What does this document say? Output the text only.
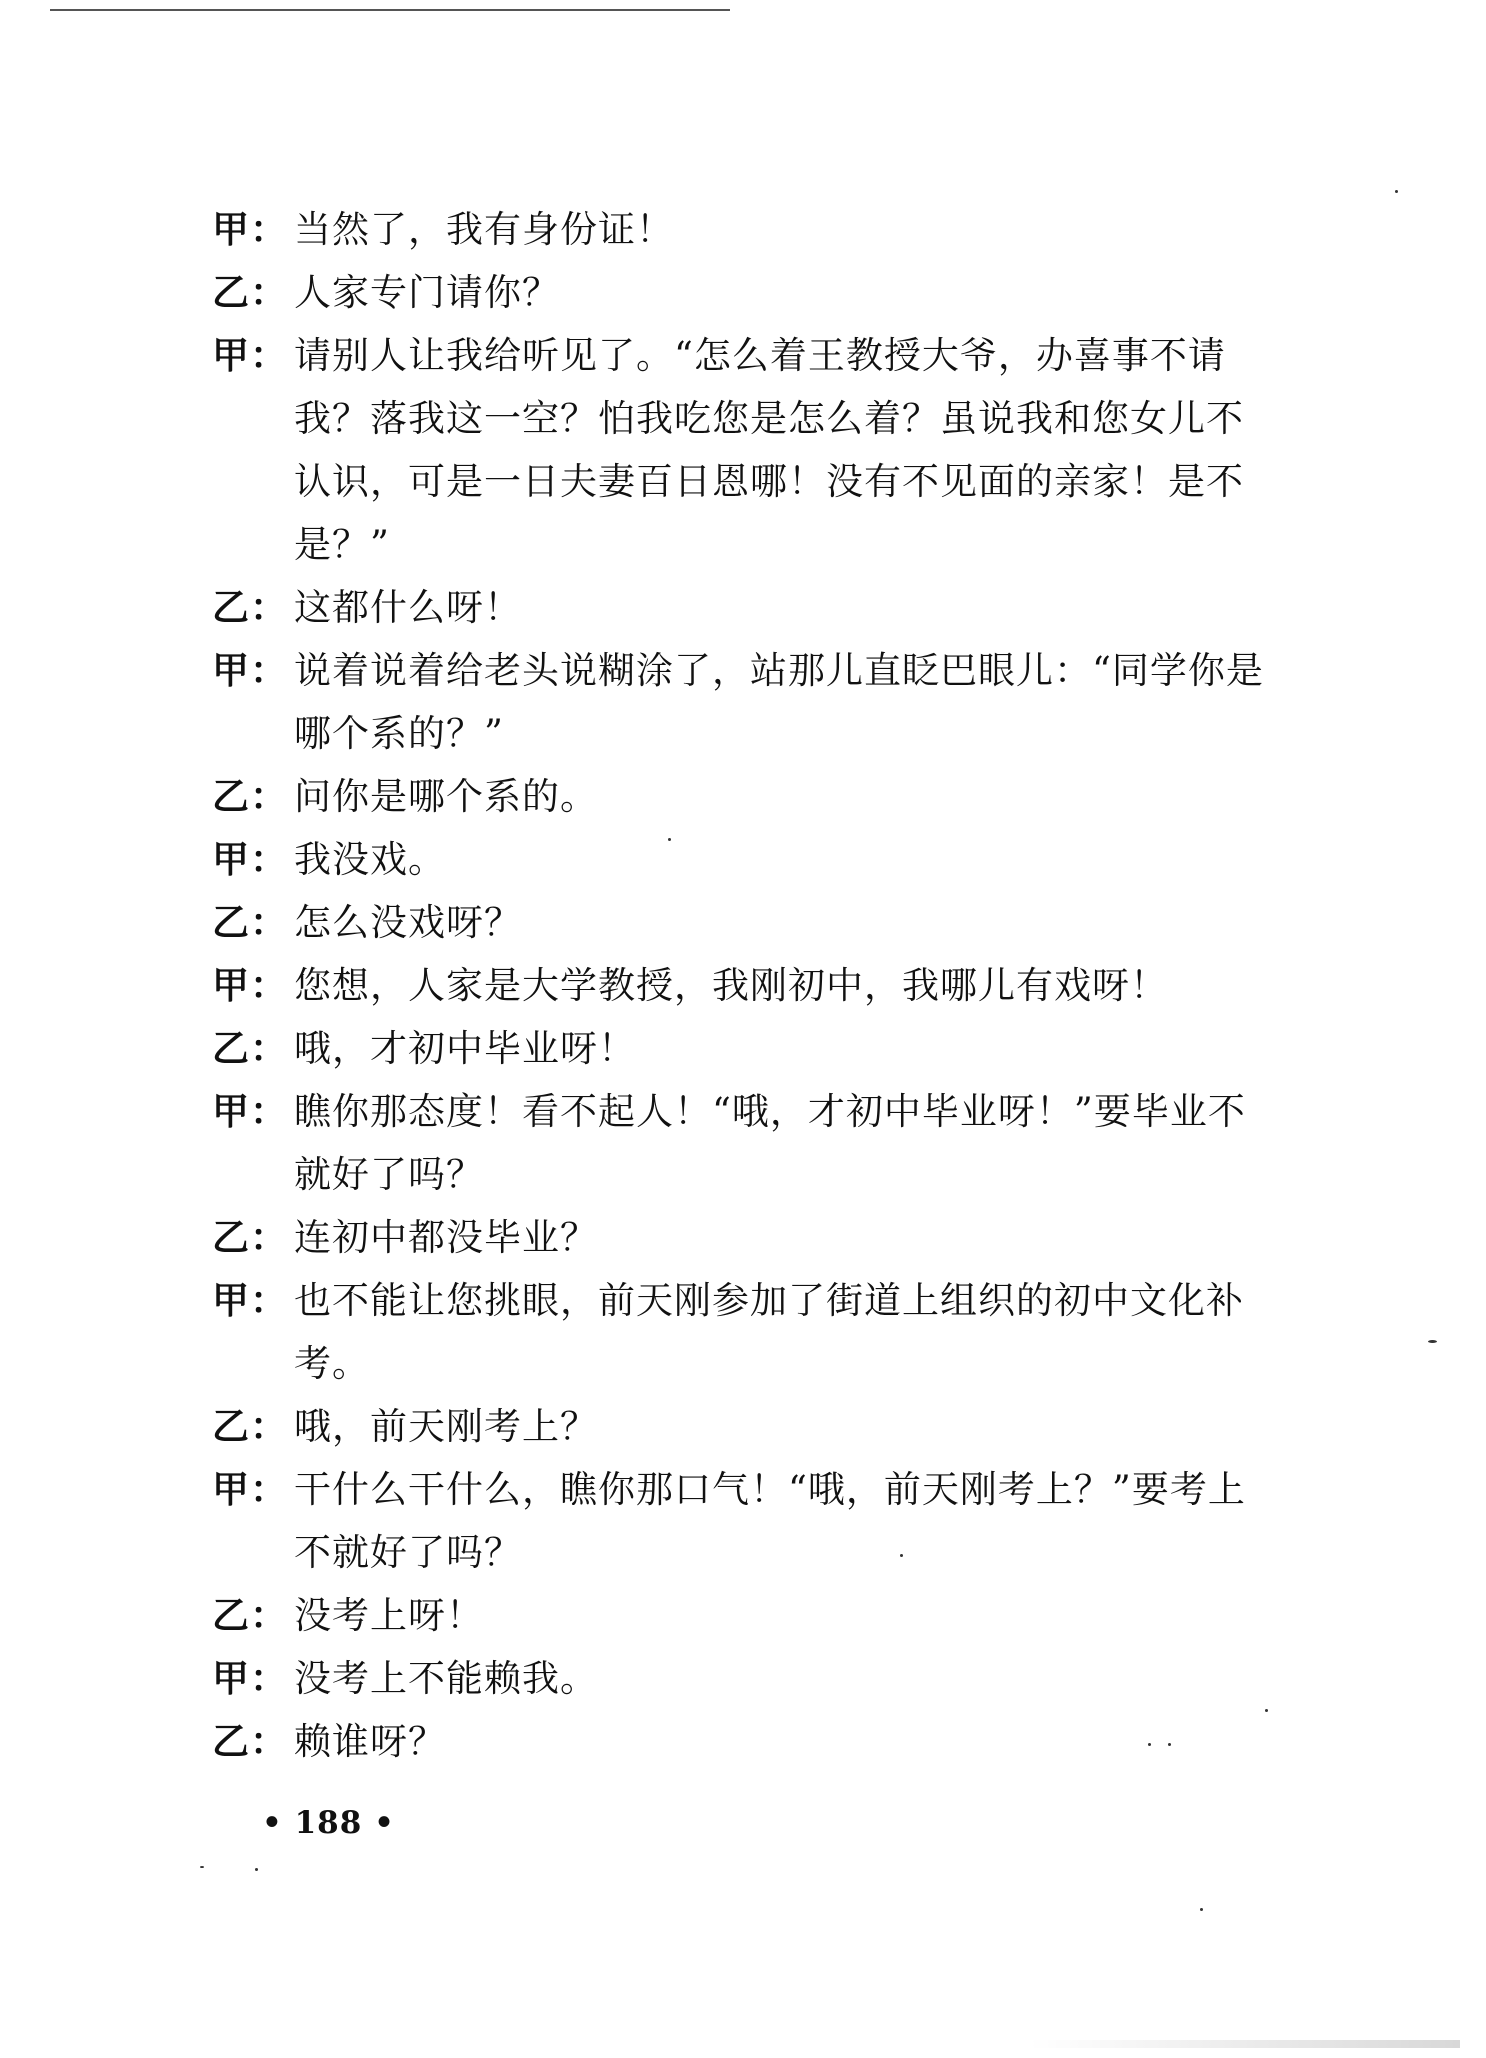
甲： 当然了，我有身份证！
乙： 人家专门请你？
甲： 请别人让我给听见了。“怎么着王教授大爷，办喜事不请我？落我这一空？怕我吃您是怎么着？虽说我和您女儿不认识，可是一日夫妻百日恩哪！没有不见面的亲家！是不是？”
乙： 这都什么呀！
甲： 说着说着给老头说糊涂了，站那儿直眨巴眼儿：“同学你是哪个系的？”
乙： 问你是哪个系的。
甲： 我没戏。
乙： 怎么没戏呀？
甲： 您想，人家是大学教授，我刚初中，我哪儿有戏呀！
乙： 哦，才初中毕业呀！
甲： 瞧你那态度！看不起人！“哦，才初中毕业呀！”要毕业不就好了吗？
乙： 连初中都没毕业？
甲： 也不能让您挑眼，前天刚参加了街道上组织的初中文化补考。
乙： 哦，前天刚考上？
甲： 干什么干什么，瞧你那口气！“哦，前天刚考上？”要考上不就好了吗？
乙： 没考上呀！
甲： 没考上不能赖我。
乙： 赖谁呀？
• 188 •
